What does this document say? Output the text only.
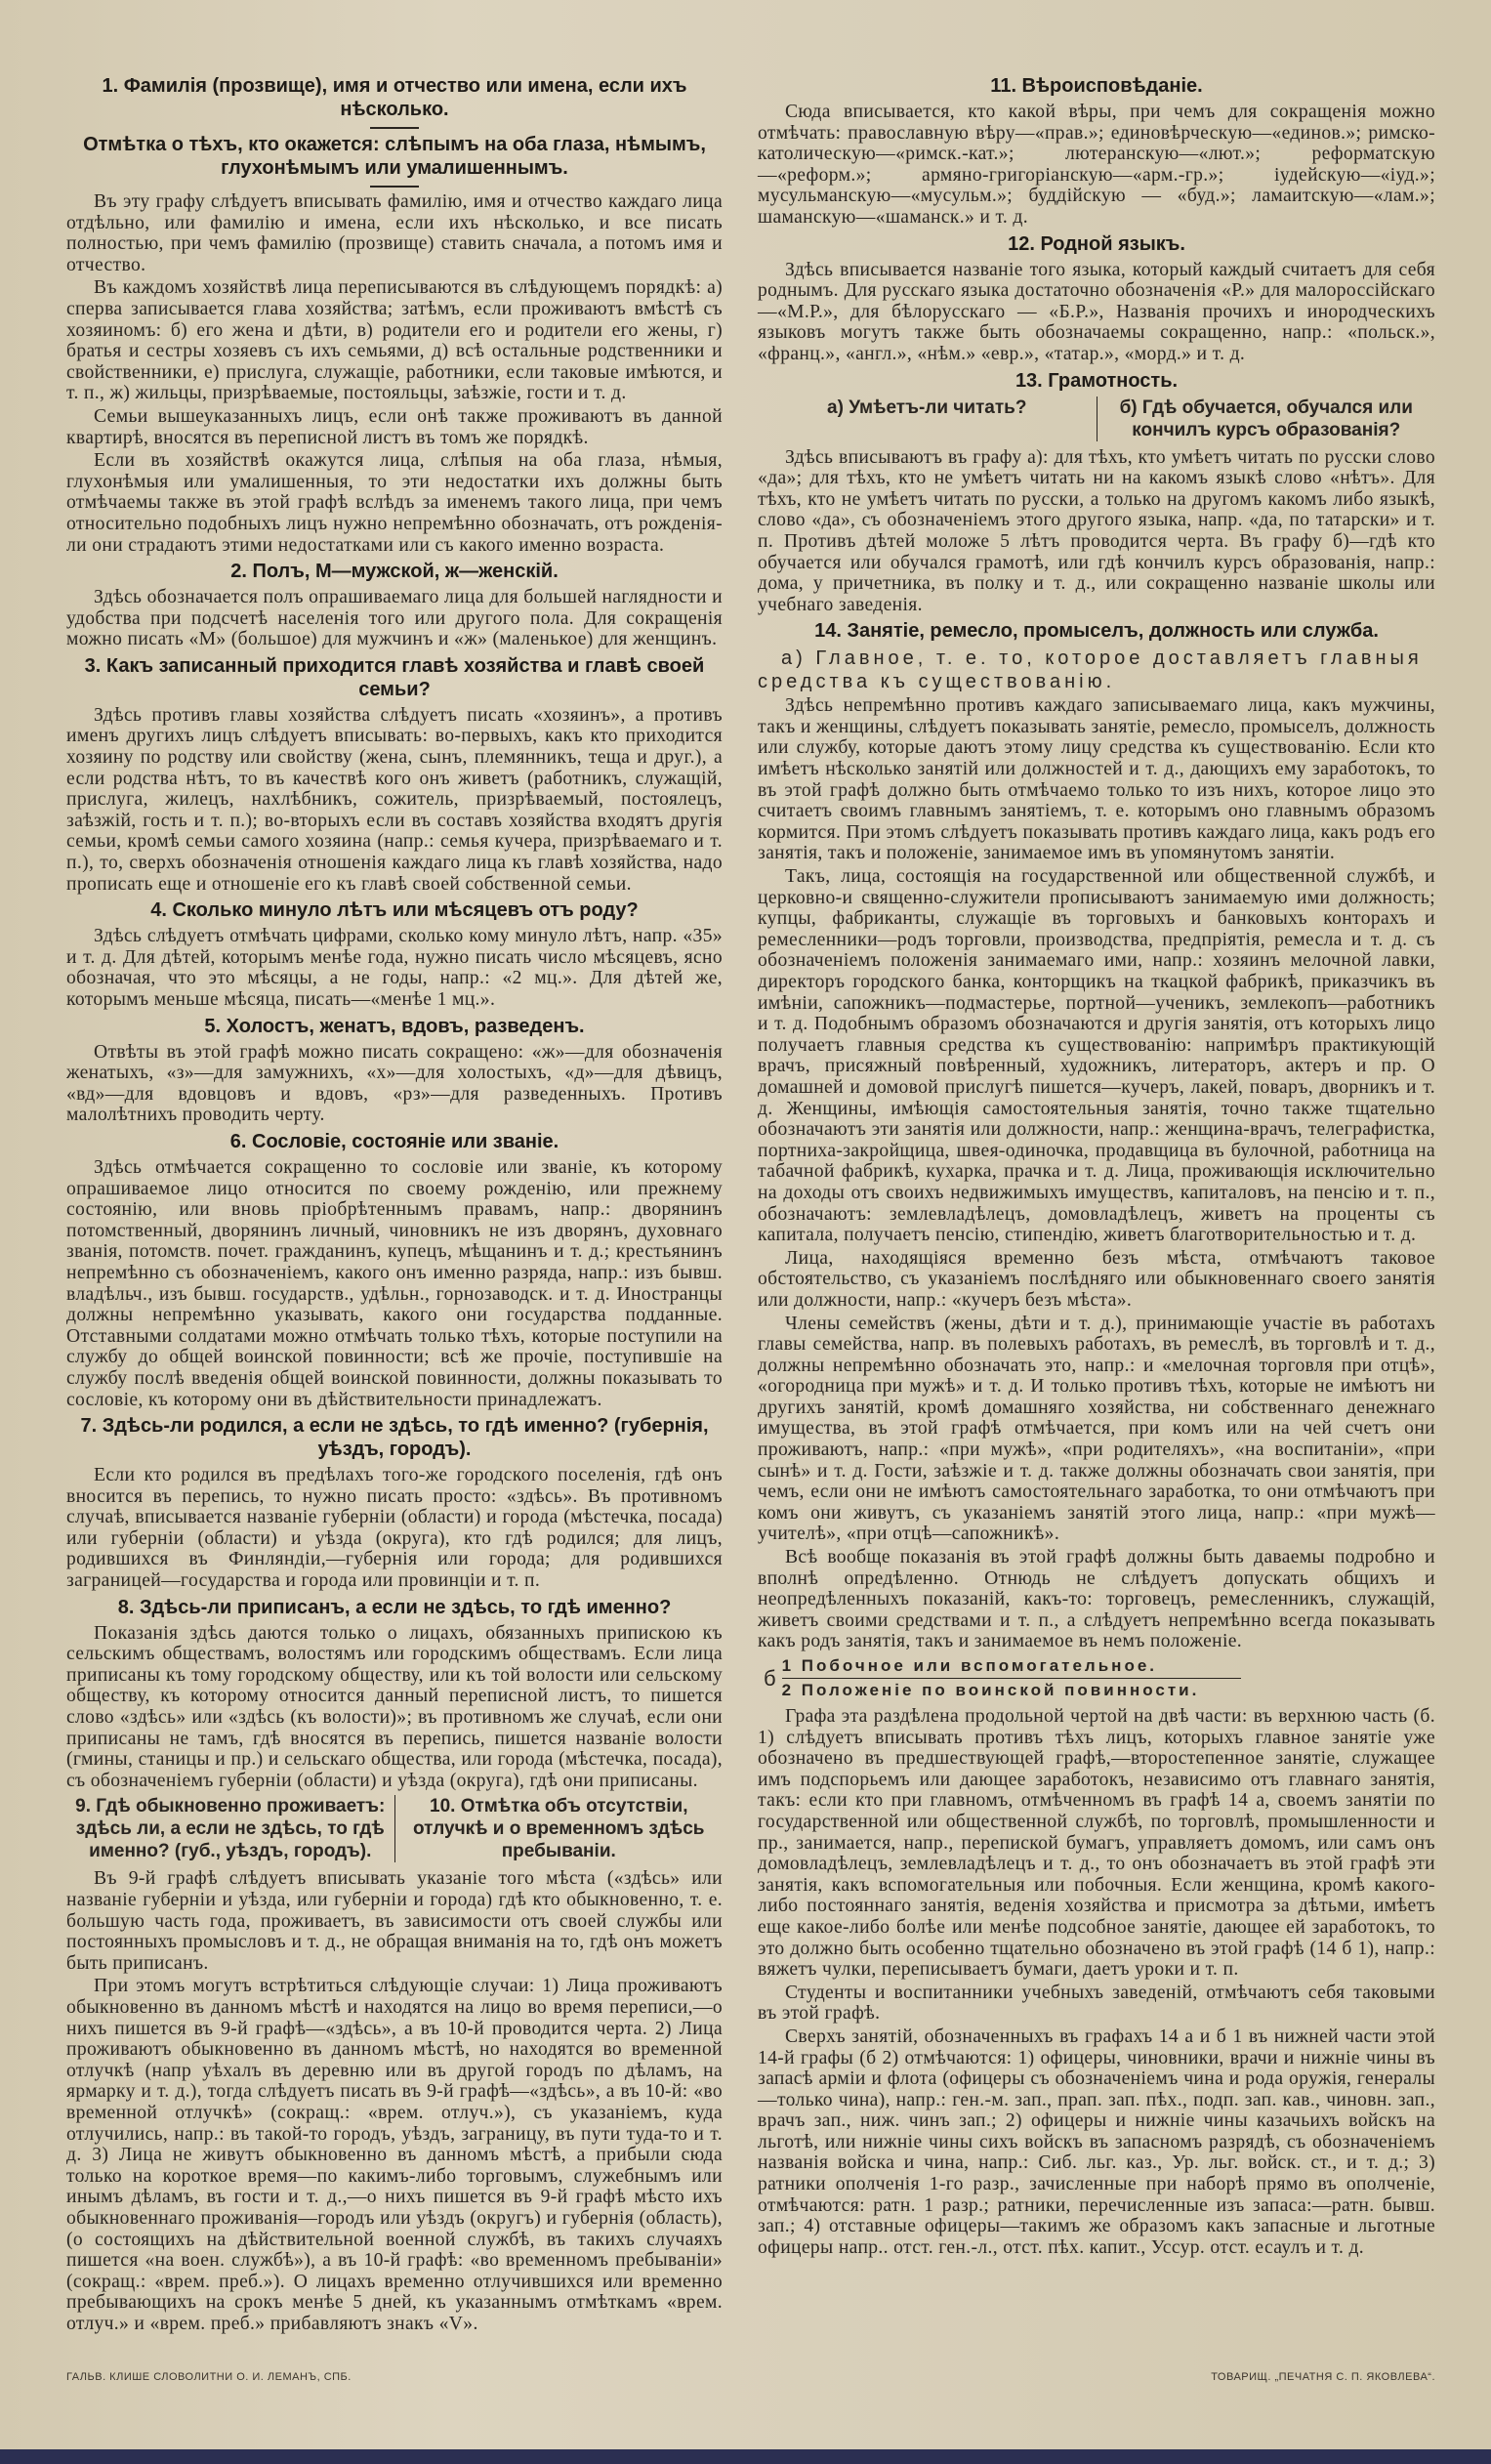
1. Фамилія (прозвище), имя и отчество или имена, если ихъ нѣсколько.
Отмѣтка о тѣхъ, кто окажется: слѣпымъ на оба глаза, нѣмымъ, глухонѣмымъ или умалишеннымъ.

Въ эту графу слѣдуетъ вписывать фамилію, имя и отчество каждаго лица отдѣльно, или фамилію и имена, если ихъ нѣсколько, и все писать полностью, при чемъ фамилію (прозвище) ставить сначала, а потомъ имя и отчество.

Въ каждомъ хозяйствѣ лица переписываются въ слѣдующемъ порядкѣ: а) сперва записывается глава хозяйства; затѣмъ, если проживаютъ вмѣстѣ съ хозяиномъ: б) его жена и дѣти, в) родители его и родители его жены, г) братья и сестры хозяевъ съ ихъ семьями, д) всѣ остальные родственники и свойственники, е) прислуга, служащіе, работники, если таковые имѣются, и т. п., ж) жильцы, призрѣваемые, постояльцы, заѣзжіе, гости и т. д.

Семьи вышеуказанныхъ лицъ, если онѣ также проживаютъ въ данной квартирѣ, вносятся въ переписной листъ въ томъ же порядкѣ.

Если въ хозяйствѣ окажутся лица, слѣпыя на оба глаза, нѣмыя, глухонѣмыя или умалишенныя, то эти недостатки ихъ должны быть отмѣчаемы также въ этой графѣ вслѣдъ за именемъ такого лица, при чемъ относительно подобныхъ лицъ нужно непремѣнно обозначать, отъ рожденія-ли они страдаютъ этими недостатками или съ какого именно возраста.

2. Полъ, М—мужской, ж—женскій.

Здѣсь обозначается полъ опрашиваемаго лица для большей наглядности и удобства при подсчетѣ населенія того или другого пола. Для сокращенія можно писать «М» (большое) для мужчинъ и «ж» (маленькое) для женщинъ.

3. Какъ записанный приходится главѣ хозяйства и главѣ своей семьи?

Здѣсь противъ главы хозяйства слѣдуетъ писать «хозяинъ», а противъ именъ другихъ лицъ слѣдуетъ вписывать: во-первыхъ, какъ кто приходится хозяину по родству или свойству (жена, сынъ, племянникъ, теща и друг.), а если родства нѣтъ, то въ качествѣ кого онъ живетъ (работникъ, служащій, прислуга, жилецъ, нахлѣбникъ, сожитель, призрѣваемый, постоялецъ, заѣзжій, гость и т. п.); во-вторыхъ если въ составъ хозяйства входятъ другія семьи, кромѣ семьи самого хозяина (напр.: семья кучера, призрѣваемаго и т. п.), то, сверхъ обозначенія отношенія каждаго лица къ главѣ хозяйства, надо прописать еще и отношеніе его къ главѣ своей собственной семьи.

4. Сколько минуло лѣтъ или мѣсяцевъ отъ роду?

Здѣсь слѣдуетъ отмѣчать цифрами, сколько кому минуло лѣтъ, напр. «35» и т. д. Для дѣтей, которымъ менѣе года, нужно писать число мѣсяцевъ, ясно обозначая, что это мѣсяцы, а не годы, напр.: «2 мц.». Для дѣтей же, которымъ меньше мѣсяца, писать—«менѣе 1 мц.».

5. Холостъ, женатъ, вдовъ, разведенъ.

Отвѣты въ этой графѣ можно писать сокращено: «ж»—для обозначенія женатыхъ, «з»—для замужнихъ, «х»—для холостыхъ, «д»—для дѣвицъ, «вд»—для вдовцовъ и вдовъ, «рз»—для разведенныхъ. Противъ малолѣтнихъ проводить черту.

6. Сословіе, состояніе или званіе.

Здѣсь отмѣчается сокращенно то сословіе или званіе, къ которому опрашиваемое лицо относится по своему рожденію, или прежнему состоянію, или вновь пріобрѣтеннымъ правамъ, напр.: дворянинъ потомственный, дворянинъ личный, чиновникъ не изъ дворянъ, духовнаго званія, потомств. почет. гражданинъ, купецъ, мѣщанинъ и т. д.; крестьянинъ непремѣнно съ обозначеніемъ, какого онъ именно разряда, напр.: изъ бывш. владѣльч., изъ бывш. государств., удѣльн., горнозаводск. и т. д. Иностранцы должны непремѣнно указывать, какого они государства подданные. Отставными солдатами можно отмѣчать только тѣхъ, которые поступили на службу до общей воинской повинности; всѣ же прочіе, поступившіе на службу послѣ введенія общей воинской повинности, должны показывать то сословіе, къ которому они въ дѣйствительности принадлежатъ.

7. Здѣсь-ли родился, а если не здѣсь, то гдѣ именно? (губернія, уѣздъ, городъ).

Если кто родился въ предѣлахъ того-же городского поселенія, гдѣ онъ вносится въ перепись, то нужно писать просто: «здѣсь». Въ противномъ случаѣ, вписывается названіе губерніи (области) и города (мѣстечка, посада) или губерніи (области) и уѣзда (округа), кто гдѣ родился; для лицъ, родившихся въ Финляндіи,—губернія или города; для родившихся заграницей—государства и города или провинціи и т. п.

8. Здѣсь-ли приписанъ, а если не здѣсь, то гдѣ именно?

Показанія здѣсь даются только о лицахъ, обязанныхъ припискою къ сельскимъ обществамъ, волостямъ или городскимъ обществамъ. Если лица приписаны къ тому городскому обществу, или къ той волости или сельскому обществу, къ которому относится данный переписной листъ, то пишется слово «здѣсь» или «здѣсь (къ волости)»; въ противномъ же случаѣ, если они приписаны не тамъ, гдѣ вносятся въ перепись, пишется названіе волости (гмины, станицы и пр.) и сельскаго общества, или города (мѣстечка, посада), съ обозначеніемъ губерніи (области) и уѣзда (округа), гдѣ они приписаны.

9. Гдѣ обыкновенно проживаетъ: здѣсь ли, а если не здѣсь, то гдѣ именно? (губ., уѣздъ, городъ).
10. Отмѣтка объ отсутствіи, отлучкѣ и о временномъ здѣсь пребываніи.

Въ 9-й графѣ слѣдуетъ вписывать указаніе того мѣста («здѣсь» или названіе губерніи и уѣзда, или губерніи и города) гдѣ кто обыкновенно, т. е. большую часть года, проживаетъ, въ зависимости отъ своей службы или постоянныхъ промысловъ и т. д., не обращая вниманія на то, гдѣ онъ можетъ быть приписанъ.

При этомъ могутъ встрѣтиться слѣдующіе случаи: 1) Лица проживаютъ обыкновенно въ данномъ мѣстѣ и находятся на лицо во время переписи,—о нихъ пишется въ 9-й графѣ—«здѣсь», а въ 10-й проводится черта. 2) Лица проживаютъ обыкновенно въ данномъ мѣстѣ, но находятся во временной отлучкѣ (напр уѣхалъ въ деревню или въ другой городъ по дѣламъ, на ярмарку и т. д.), тогда слѣдуетъ писать въ 9-й графѣ—«здѣсь», а въ 10-й: «во временной отлучкѣ» (сокращ.: «врем. отлуч.»), съ указаніемъ, куда отлучились, напр.: въ такой-то городъ, уѣздъ, заграницу, въ пути туда-то и т. д. 3) Лица не живутъ обыкновенно въ данномъ мѣстѣ, а прибыли сюда только на короткое время—по какимъ-либо торговымъ, служебнымъ или инымъ дѣламъ, въ гости и т. д.,—о нихъ пишется въ 9-й графѣ мѣсто ихъ обыкновеннаго проживанія—городъ или уѣздъ (округъ) и губернія (область), (о состоящихъ на дѣйствительной военной службѣ, въ такихъ случаяхъ пишется «на воен. службѣ»), а въ 10-й графѣ: «во временномъ пребываніи» (сокращ.: «врем. преб.»). О лицахъ временно отлучившихся или временно пребывающихъ на срокъ менѣе 5 дней, къ указаннымъ отмѣткамъ «врем. отлуч.» и «врем. преб.» прибавляютъ знакъ «V».

11. Вѣроисповѣданіе.

Сюда вписывается, кто какой вѣры, при чемъ для сокращенія можно отмѣчать: православную вѣру—«прав.»; единовѣрческую—«единов.»; римско-католическую—«римск.-кат.»; лютеранскую—«лют.»; реформатскую—«реформ.»; армяно-григоріанскую—«арм.-гр.»; іудейскую—«іуд.»; мусульманскую—«мусульм.»; буддійскую — «буд.»; ламаитскую—«лам.»; шаманскую—«шаманск.» и т. д.

12. Родной языкъ.

Здѣсь вписывается названіе того языка, который каждый считаетъ для себя роднымъ. Для русскаго языка достаточно обозначенія «Р.» для малороссійскаго—«М.Р.», для бѣлорусскаго — «Б.Р.», Названія прочихъ и инородческихъ языковъ могутъ также быть обозначаемы сокращенно, напр.: «польск.», «франц.», «англ.», «нѣм.» «евр.», «татар.», «морд.» и т. д.

13. Грамотность.
а) Умѣетъ-ли читать?	б) Гдѣ обучается, обучался или кончилъ курсъ образованія?

Здѣсь вписываютъ въ графу а): для тѣхъ, кто умѣетъ читать по русски слово «да»; для тѣхъ, кто не умѣетъ читать ни на какомъ языкѣ слово «нѣтъ». Для тѣхъ, кто не умѣетъ читать по русски, а только на другомъ какомъ либо языкѣ, слово «да», съ обозначеніемъ этого другого языка, напр. «да, по татарски» и т. п. Противъ дѣтей моложе 5 лѣтъ проводится черта. Въ графу б)—гдѣ кто обучается или обучался грамотѣ, или гдѣ кончилъ курсъ образованія, напр.: дома, у причетника, въ полку и т. д., или сокращенно названіе школы или учебнаго заведенія.

14. Занятіе, ремесло, промыселъ, должность или служба.
а) Главное, т. е. то, которое доставляетъ главныя средства къ существованію.

Здѣсь непремѣнно противъ каждаго записываемаго лица, какъ мужчины, такъ и женщины, слѣдуетъ показывать занятіе, ремесло, промыселъ, должность или службу, которые даютъ этому лицу средства къ существованію. Если кто имѣетъ нѣсколько занятій или должностей и т. д., дающихъ ему заработокъ, то въ этой графѣ должно быть отмѣчаемо только то изъ нихъ, которое лицо это считаетъ своимъ главнымъ занятіемъ, т. е. которымъ оно главнымъ образомъ кормится. При этомъ слѣдуетъ показывать противъ каждаго лица, какъ родъ его занятія, такъ и положеніе, занимаемое имъ въ упомянутомъ занятіи.

Такъ, лица, состоящія на государственной или общественной службѣ, и церковно-и священно-служители прописываютъ занимаемую ими должность; купцы, фабриканты, служащіе въ торговыхъ и банковыхъ конторахъ и ремесленники—родъ торговли, производства, предпріятія, ремесла и т. д. съ обозначеніемъ положенія занимаемаго ими, напр.: хозяинъ мелочной лавки, директоръ городского банка, конторщикъ на ткацкой фабрикѣ, приказчикъ въ имѣніи, сапожникъ—подмастерье, портной—ученикъ, землекопъ—работникъ и т. д. Подобнымъ образомъ обозначаются и другія занятія, отъ которыхъ лицо получаетъ главныя средства къ существованію: напримѣръ практикующій врачъ, присяжный повѣренный, художникъ, литераторъ, актеръ и пр. О домашней и домовой прислугѣ пишется—кучеръ, лакей, поваръ, дворникъ и т. д. Женщины, имѣющія самостоятельныя занятія, точно также тщательно обозначаютъ эти занятія или должности, напр.: женщина-врачъ, телеграфистка, портниха-закройщица, швея-одиночка, продавщица въ булочной, работница на табачной фабрикѣ, кухарка, прачка и т. д. Лица, проживающія исключительно на доходы отъ своихъ недвижимыхъ имуществъ, капиталовъ, на пенсію и т. п., обозначаютъ: землевладѣлецъ, домовладѣлецъ, живетъ на проценты съ капитала, получаетъ пенсію, стипендію, живетъ благотворительностью и т. д.

Лица, находящіяся временно безъ мѣста, отмѣчаютъ таковое обстоятельство, съ указаніемъ послѣдняго или обыкновеннаго своего занятія или должности, напр.: «кучеръ безъ мѣста».

Члены семействъ (жены, дѣти и т. д.), принимающіе участіе въ работахъ главы семейства, напр. въ полевыхъ работахъ, въ ремеслѣ, въ торговлѣ и т. д., должны непремѣнно обозначать это, напр.: и «мелочная торговля при отцѣ», «огородница при мужѣ» и т. д. И только противъ тѣхъ, которые не имѣютъ ни другихъ занятій, кромѣ домашняго хозяйства, ни собственнаго денежнаго имущества, въ этой графѣ отмѣчается, при комъ или на чей счетъ они проживаютъ, напр.: «при мужѣ», «при родителяхъ», «на воспитаніи», «при сынѣ» и т. д. Гости, заѣзжіе и т. д. также должны обозначать свои занятія, при чемъ, если они не имѣютъ самостоятельнаго заработка, то они отмѣчаютъ при комъ они живутъ, съ указаніемъ занятій этого лица, напр.: «при мужѣ—учителѣ», «при отцѣ—сапожникѣ».

Всѣ вообще показанія въ этой графѣ должны быть даваемы подробно и вполнѣ опредѣленно. Отнюдь не слѣдуетъ допускать общихъ и неопредѣленныхъ показаній, какъ-то: торговецъ, ремесленникъ, служащій, живетъ своими средствами и т. п., а слѣдуетъ непремѣнно всегда показывать какъ родъ занятія, такъ и занимаемое въ немъ положеніе.

б 1 Побочное или вспомогательное.
2 Положеніе по воинской повинности.

Графа эта раздѣлена продольной чертой на двѣ части: въ верхнюю часть (б. 1) слѣдуетъ вписывать противъ тѣхъ лицъ, которыхъ главное занятіе уже обозначено въ предшествующей графѣ,—второстепенное занятіе, служащее имъ подспорьемъ или дающее заработокъ, независимо отъ главнаго занятія, такъ: если кто при главномъ, отмѣченномъ въ графѣ 14 а, своемъ занятіи по государственной или общественной службѣ, по торговлѣ, промышленности и пр., занимается, напр., перепиской бумагъ, управляетъ домомъ, или самъ онъ домовладѣлецъ, землевладѣлецъ и т. д., то онъ обозначаетъ въ этой графѣ эти занятія, какъ вспомогательныя или побочныя. Если женщина, кромѣ какого-либо постояннаго занятія, веденія хозяйства и присмотра за дѣтьми, имѣетъ еще какое-либо болѣе или менѣе подсобное занятіе, дающее ей заработокъ, то это должно быть особенно тщательно обозначено въ этой графѣ (14 б 1), напр.: вяжетъ чулки, переписываетъ бумаги, даетъ уроки и т. п.

Студенты и воспитанники учебныхъ заведеній, отмѣчаютъ себя таковыми въ этой графѣ.

Сверхъ занятій, обозначенныхъ въ графахъ 14 а и б 1 въ нижней части этой 14-й графы (б 2) отмѣчаются: 1) офицеры, чиновники, врачи и нижніе чины въ запасѣ арміи и флота (офицеры съ обозначеніемъ чина и рода оружія, генералы—только чина), напр.: ген.-м. зап., прап. зап. пѣх., подп. зап. кав., чиновн. зап., врачъ зап., ниж. чинъ зап.; 2) офицеры и нижніе чины казачьихъ войскъ на льготѣ, или нижніе чины сихъ войскъ въ запасномъ разрядѣ, съ обозначеніемъ названія войска и чина, напр.: Сиб. льг. каз., Ур. льг. войск. ст., и т. д.; 3) ратники ополченія 1-го разр., зачисленные при наборѣ прямо въ ополченіе, отмѣчаются: ратн. 1 разр.; ратники, перечисленные изъ запаса:—ратн. бывш. зап.; 4) отставные офицеры—такимъ же образомъ какъ запасные и льготные офицеры напр.. отст. ген.-л., отст. пѣх. капит., Уссур. отст. есаулъ и т. д.

ГАЛЬВ. КЛИШЕ СЛОВОЛИТНИ О. И. ЛЕМАНЪ, СПБ.	ТОВАРИЩ. „ПЕЧАТНЯ С. П. ЯКОВЛЕВА“.
